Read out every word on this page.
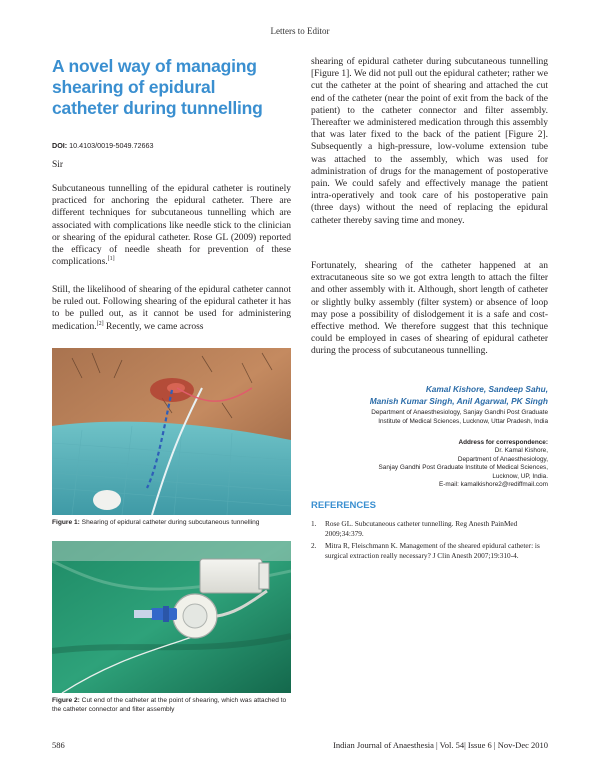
Letters to Editor
A novel way of managing shearing of epidural catheter during tunnelling
DOI: 10.4103/0019-5049.72663
Sir
Subcutaneous tunnelling of the epidural catheter is routinely practiced for anchoring the epidural catheter. There are different techniques for subcutaneous tunnelling which are associated with complications like needle stick to the clinician or shearing of the epidural catheter. Rose GL (2009) reported the efficacy of needle sheath for prevention of these complications.[1]
Still, the likelihood of shearing of the epidural catheter cannot be ruled out. Following shearing of the epidural catheter it has to be pulled out, as it cannot be used for administering medication.[2] Recently, we came across
shearing of epidural catheter during subcutaneous tunnelling [Figure 1]. We did not pull out the epidural catheter; rather we cut the catheter at the point of shearing and attached the cut end of the catheter (near the point of exit from the back of the patient) to the catheter connector and filter assembly. Thereafter we administered medication through this assembly that was later fixed to the back of the patient [Figure 2]. Subsequently a high-pressure, low-volume extension tube was attached to the assembly, which was used for administration of drugs for the management of postoperative pain. We could safely and effectively manage the patient intra-operatively and took care of his postoperative pain (three days) without the need of replacing the epidural catheter thereby saving time and money.
Fortunately, shearing of the catheter happened at an extracutaneous site so we got extra length to attach the filter and other assembly with it. Although, short length of catheter or slightly bulky assembly (filter system) or absence of loop may pose a possibility of dislodgement it is a safe and cost-effective method. We therefore suggest that this technique could be employed in cases of shearing of epidural catheter during the process of subcutaneous tunnelling.
Kamal Kishore, Sandeep Sahu,
Manish Kumar Singh, Anil Agarwal, PK Singh
Department of Anaesthesiology, Sanjay Gandhi Post Graduate
Institute of Medical Sciences, Lucknow, Uttar Pradesh, India
Address for correspondence:
Dr. Kamal Kishore,
Department of Anaesthesiology,
Sanjay Gandhi Post Graduate Institute of Medical Sciences,
Lucknow, UP, India.
E-mail: kamalkishore2@rediffmail.com
REFERENCES
1.	Rose GL. Subcutaneous catheter tunnelling. Reg Anesth PainMed 2009;34:379.
2.	Mitra R, Fleischmann K. Management of the sheared epidural catheter: is surgical extraction really necessary? J Clin Anesth 2007;19:310-4.
Figure 1: Shearing of epidural catheter during subcutaneous tunnelling
Figure 2: Cut end of the catheter at the point of shearing, which was attached to the catheter connector and filter assembly
586	Indian Journal of Anaesthesia | Vol. 54| Issue 6 | Nov-Dec 2010
